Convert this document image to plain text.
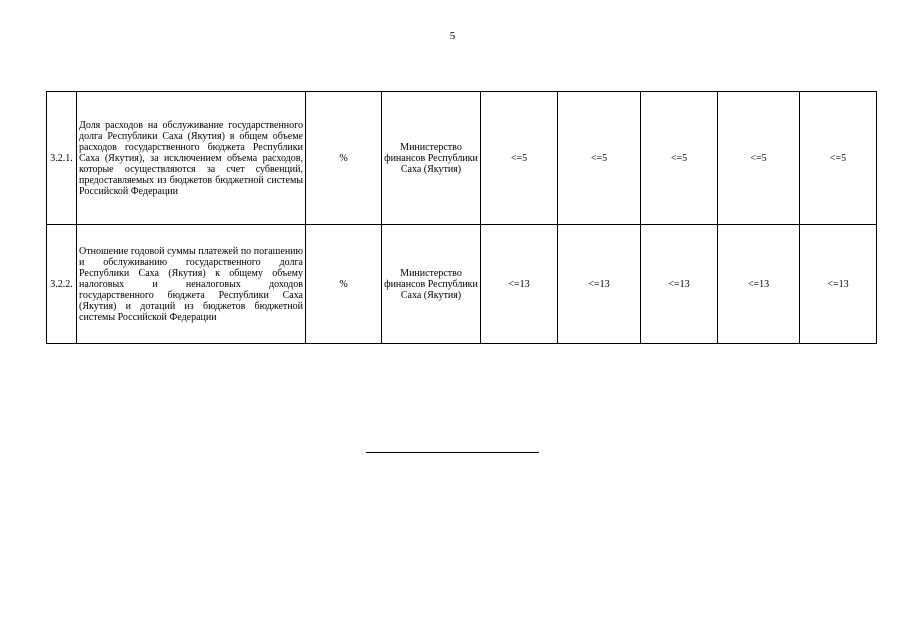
5
3.2.1.	Доля расходов на обслуживание государственного долга Республики Саха (Якутия) в общем объеме расходов государственного бюджета Республики Саха (Якутия), за исключением объема расходов, которые осуществляются за счет субвенций, предоставляемых из бюджетов бюджетной системы Российской Федерации	%	Министерство финансов Республики Саха (Якутия)	<=5	<=5	<=5	<=5	<=5
3.2.2.	Отношение годовой суммы платежей по погашению и обслуживанию государственного долга Республики Саха (Якутия) к общему объему налоговых и неналоговых доходов государственного бюджета Республики Саха (Якутия) и дотаций из бюджетов бюджетной системы Российской Федерации	%	Министерство финансов Республики Саха (Якутия)	<=13	<=13	<=13	<=13	<=13
